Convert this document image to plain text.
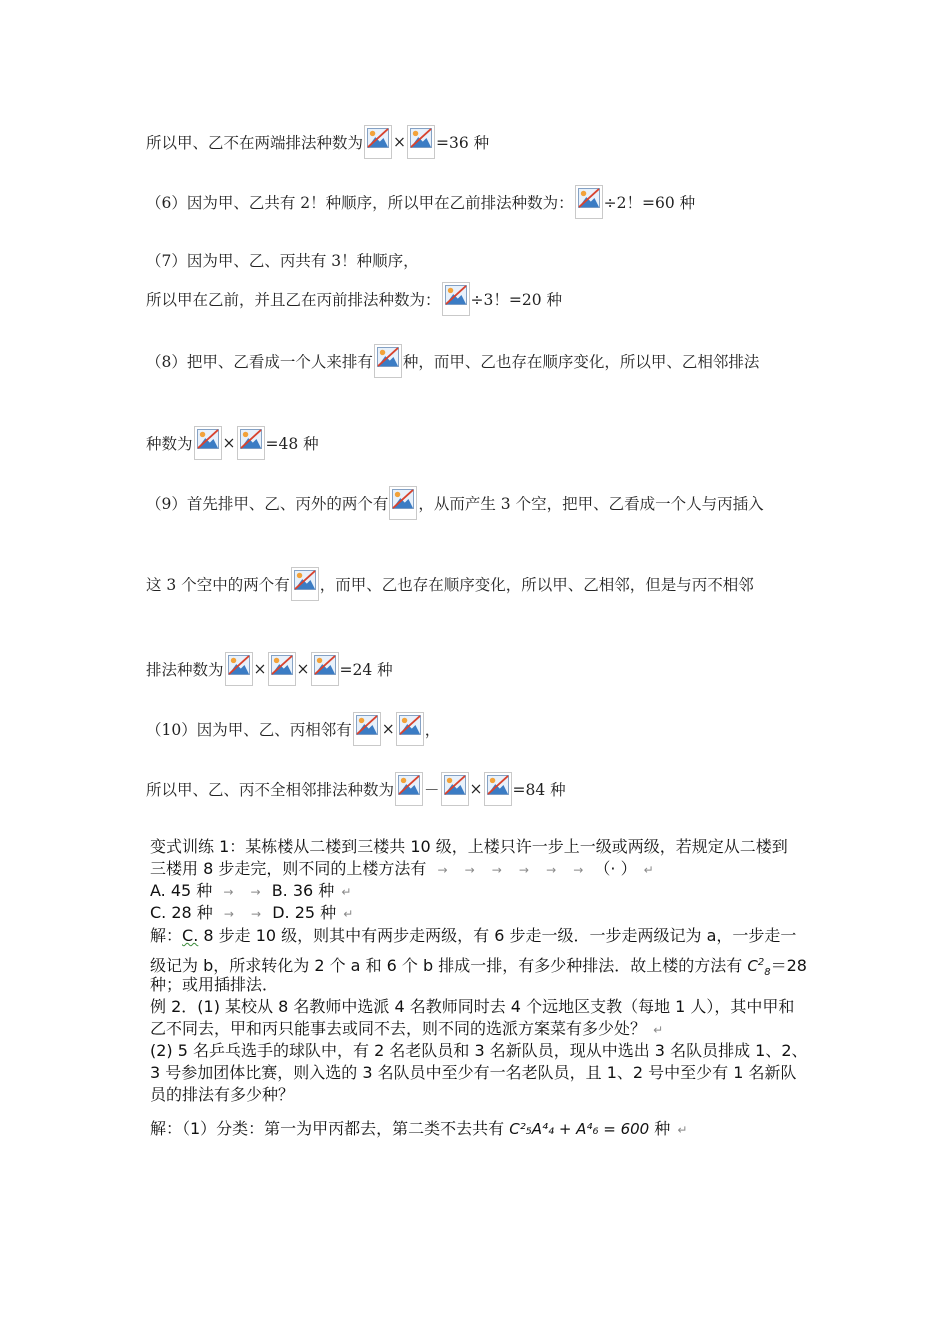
所以甲、乙不在两端排法种数为 × =36 种
（6）因为甲、乙共有 2！种顺序，所以甲在乙前排法种数为： ÷2！=60 种
（7）因为甲、乙、丙共有 3！种顺序，
所以甲在乙前，并且乙在丙前排法种数为： ÷3！=20 种
（8）把甲、乙看成一个人来排有 种，而甲、乙也存在顺序变化，所以甲、乙相邻排法
种数为 × =48 种
（9）首先排甲、乙、丙外的两个有 ，从而产生 3 个空，把甲、乙看成一个人与丙插入
这 3 个空中的两个有 ，而甲、乙也存在顺序变化，所以甲、乙相邻，但是与丙不相邻
排法种数为 × × =24 种
（10）因为甲、乙、丙相邻有 × ，
所以甲、乙、丙不全相邻排法种数为 － × =84 种
变式训练 1：某栋楼从二楼到三楼共 10 级，上楼只许一步上一级或两级，若规定从二楼到
三楼用 8 步走完，则不同的上楼方法有 → → → → → → （· ） ↵
A. 45 种 → → B. 36 种 ↵
C. 28 种 → → D. 25 种 ↵
解：C. 8 步走 10 级，则其中有两步走两级，有 6 步走一级．一步走两级记为 a，一步走一
级记为 b，所求转化为 2 个 a 和 6 个 b 排成一排，有多少种排法．故上楼的方法有 $C^2_8=28$
种；或用插排法．
例 2．(1) 某校从 8 名教师中选派 4 名教师同时去 4 个远地区支教（每地 1 人），其中甲和
乙不同去，甲和丙只能事去或同不去，则不同的选派方案菜有多少处？ ↵
(2) 5 名乒乓选手的球队中，有 2 名老队员和 3 名新队员，现从中选出 3 名队员排成 1、2、
3 号参加团体比赛，则入选的 3 名队员中至少有一名老队员，且 1、2 号中至少有 1 名新队
员的排法有多少种？
解：（1）分类：第一为甲丙都去，第二类不去共有 C²₅A⁴₄ + A⁴₆ = 600 种 ↵
